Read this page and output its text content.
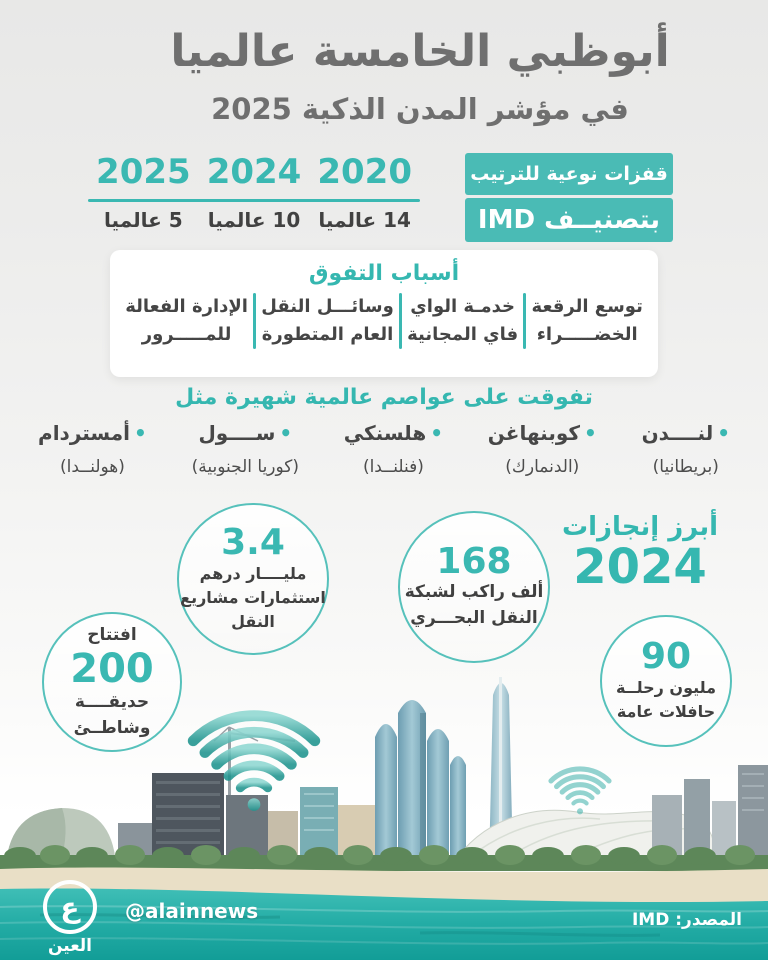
أبوظبي الخامسة عالميا
في مؤشر المدن الذكية 2025
2020
2024
2025
14 عالميا
10 عالميا
5 عالميا
قفزات نوعية للترتيب
بتصنيــف IMD
أسباب التفوق
توسع الرقعة
الخضـــــراء
خدمـة الواي
فاي المجانية
وسائـــل النقل
العام المتطورة
الإدارة الفعالة
للمـــــرور
تفوقت على عواصم عالمية شهيرة مثل
•لنــــدن
(بريطانيا)
•كوبنهاغن
(الدنمارك)
•هلسنكي
(فنلنــدا)
•ســــول
(كوريا الجنوبية)
•أمستردام
(هولنــدا)
أبرز إنجازات
2024
3.4
مليــــار درهم
استثمارات مشاريع
النقل
168
ألف راكب لشبكة
النقل البحـــري
افتتاح
200
حديقــــة
وشاطــئ
90
مليون رحلــة
حافلات عامة
ع
العين
@alainnews	المصدر: IMD
